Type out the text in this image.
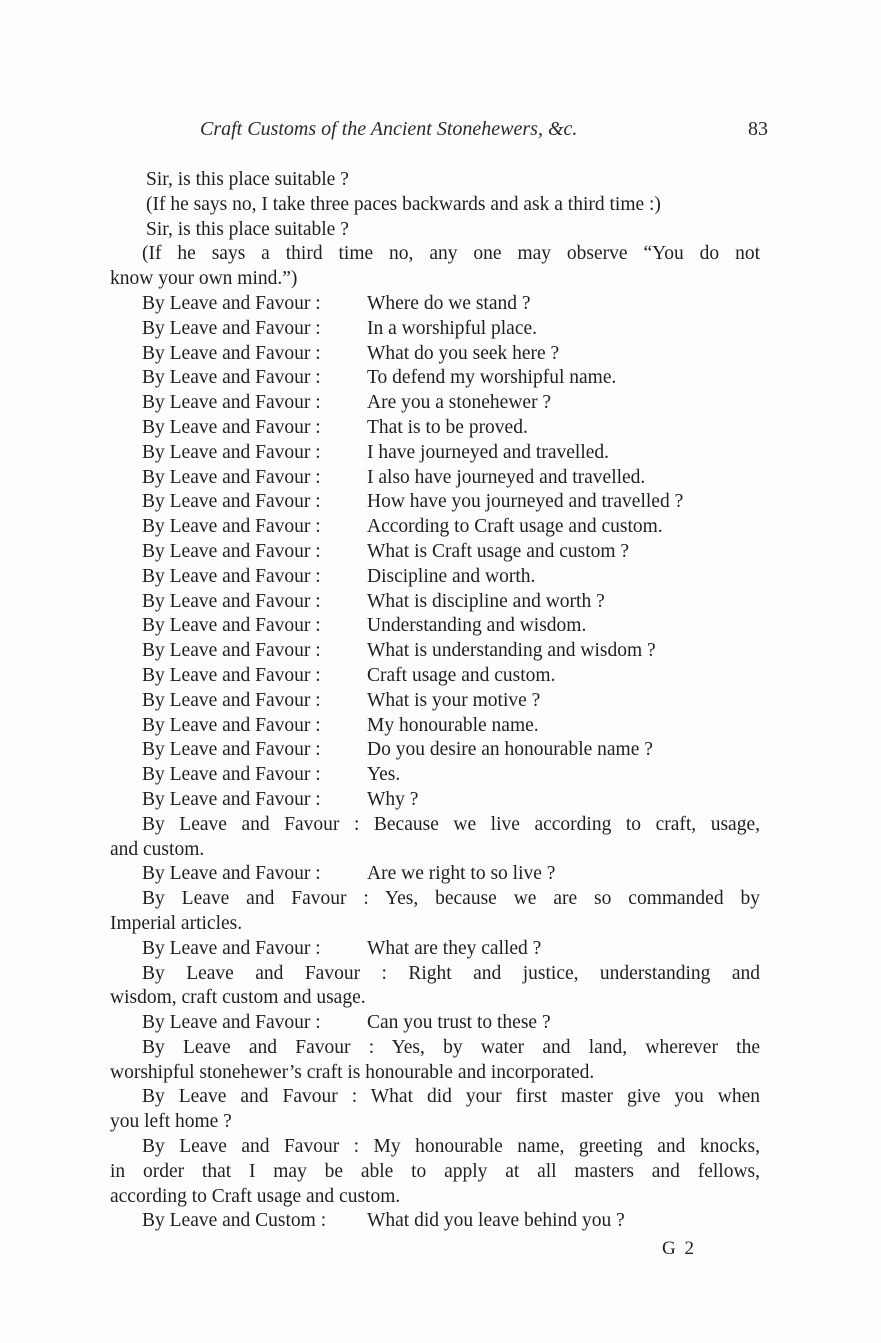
Craft Customs of the Ancient Stonehewers, &c.	83
Sir, is this place suitable ?
(If he says no, I take three paces backwards and ask a third time :)
Sir, is this place suitable ?
(If he says a third time no, any one may observe “You do not
know your own mind.”)
By Leave and Favour :	Where do we stand ?
By Leave and Favour :	In a worshipful place.
By Leave and Favour :	What do you seek here ?
By Leave and Favour :	To defend my worshipful name.
By Leave and Favour :	Are you a stonehewer ?
By Leave and Favour :	That is to be proved.
By Leave and Favour :	I have journeyed and travelled.
By Leave and Favour :	I also have journeyed and travelled.
By Leave and Favour :	How have you journeyed and travelled ?
By Leave and Favour :	According to Craft usage and custom.
By Leave and Favour :	What is Craft usage and custom ?
By Leave and Favour :	Discipline and worth.
By Leave and Favour :	What is discipline and worth ?
By Leave and Favour :	Understanding and wisdom.
By Leave and Favour :	What is understanding and wisdom ?
By Leave and Favour :	Craft usage and custom.
By Leave and Favour :	What is your motive ?
By Leave and Favour :	My honourable name.
By Leave and Favour :	Do you desire an honourable name ?
By Leave and Favour :	Yes.
By Leave and Favour :	Why ?
By Leave and Favour : Because we live according to craft, usage,
and custom.
By Leave and Favour :	Are we right to so live ?
By Leave and Favour : Yes, because we are so commanded by
Imperial articles.
By Leave and Favour :	What are they called ?
By Leave and Favour : Right and justice, understanding and
wisdom, craft custom and usage.
By Leave and Favour :	Can you trust to these ?
By Leave and Favour : Yes, by water and land, wherever the
worshipful stonehewer’s craft is honourable and incorporated.
By Leave and Favour : What did your first master give you when
you left home ?
By Leave and Favour : My honourable name, greeting and knocks,
in order that I may be able to apply at all masters and fellows,
according to Craft usage and custom.
By Leave and Custom :	What did you leave behind you ?
G 2
